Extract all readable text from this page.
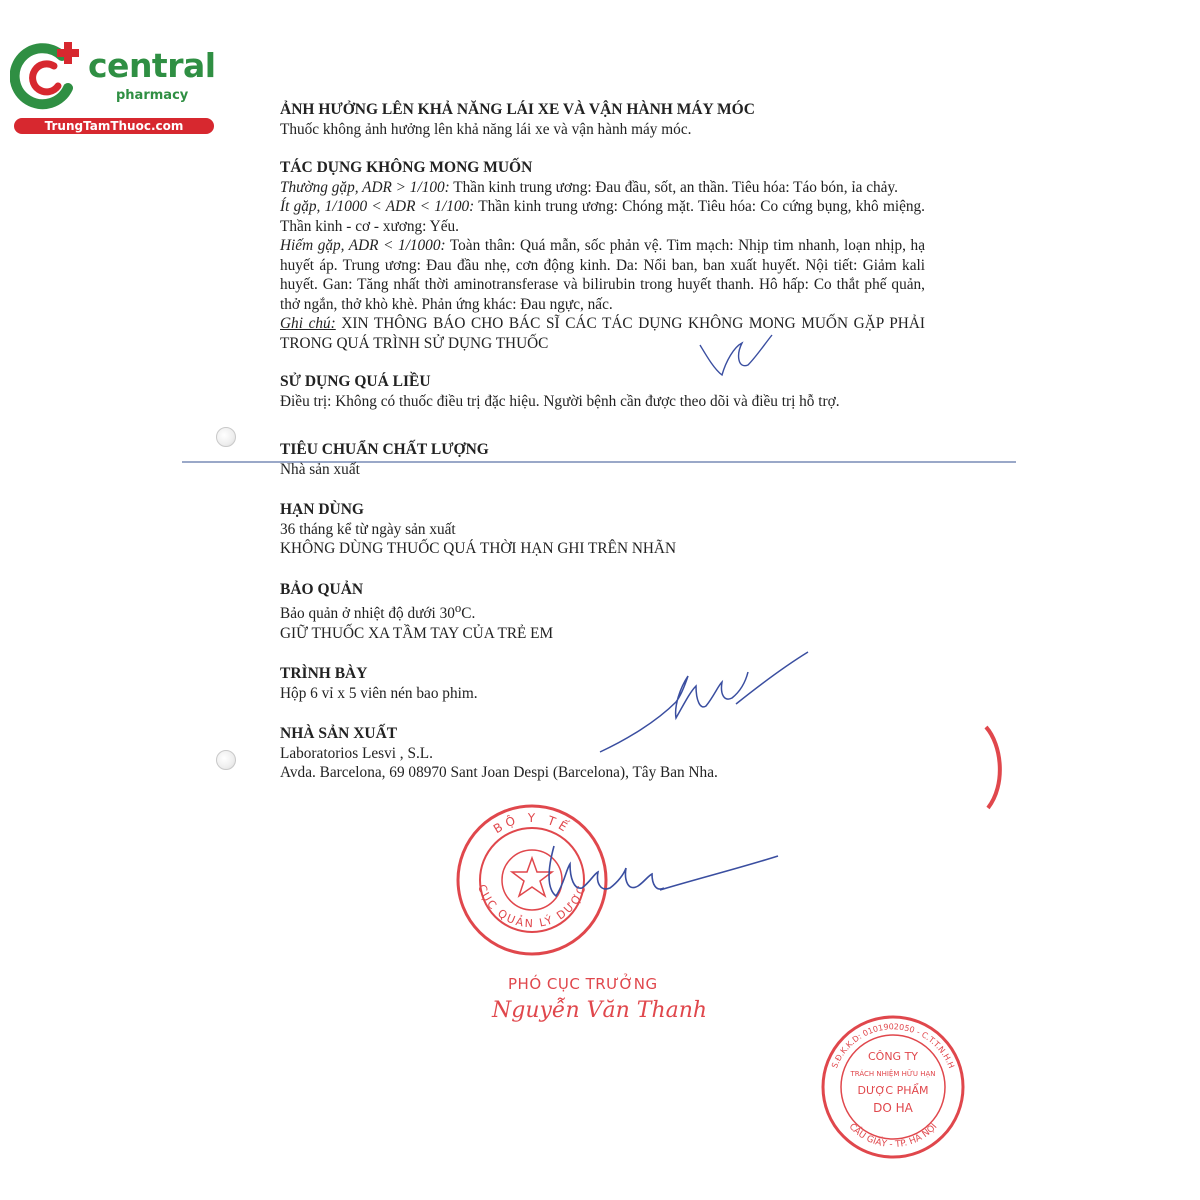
central
pharmacy
TrungTamThuoc.com

ẢNH HƯỞNG LÊN KHẢ NĂNG LÁI XE VÀ VẬN HÀNH MÁY MÓC

Thuốc không ảnh hưởng lên khả năng lái xe và vận hành máy móc.

TÁC DỤNG KHÔNG MONG MUỐN

Thường gặp, ADR > 1/100: Thần kinh trung ương: Đau đầu, sốt, an thần. Tiêu hóa: Táo bón, ỉa chảy.

Ít gặp, 1/1000 < ADR < 1/100: Thần kinh trung ương: Chóng mặt. Tiêu hóa: Co cứng bụng, khô miệng. Thần kinh - cơ - xương: Yếu.

Hiếm gặp, ADR < 1/1000: Toàn thân: Quá mẫn, sốc phản vệ. Tim mạch: Nhịp tim nhanh, loạn nhịp, hạ huyết áp. Trung ương: Đau đầu nhẹ, cơn động kinh. Da: Nổi ban, ban xuất huyết. Nội tiết: Giảm kali huyết. Gan: Tăng nhất thời aminotransferase và bilirubin trong huyết thanh. Hô hấp: Co thắt phế quản, thở ngắn, thở khò khè. Phản ứng khác: Đau ngực, nấc.

Ghi chú: XIN THÔNG BÁO CHO BÁC SĨ CÁC TÁC DỤNG KHÔNG MONG MUỐN GẶP PHẢI TRONG QUÁ TRÌNH SỬ DỤNG THUỐC

SỬ DỤNG QUÁ LIỀU

Điều trị: Không có thuốc điều trị đặc hiệu. Người bệnh cần được theo dõi và điều trị hỗ trợ.

TIÊU CHUẨN CHẤT LƯỢNG

Nhà sản xuất

HẠN DÙNG

36 tháng kể từ ngày sản xuất

KHÔNG DÙNG THUỐC QUÁ THỜI HẠN GHI TRÊN NHÃN

BẢO QUẢN

Bảo quản ở nhiệt độ dưới 30$^o$C.

GIỮ THUỐC XA TẦM TAY CỦA TRẺ EM

TRÌNH BÀY

Hộp 6 vỉ x 5 viên nén bao phim.

NHÀ SẢN XUẤT

Laboratorios Lesvi , S.L.

Avda. Barcelona, 69 08970 Sant Joan Despi (Barcelona), Tây Ban Nha.

BỘ Y TẾ
CỤC QUẢN LÝ DƯỢC
PHÓ CỤC TRƯỞNG
Nguyễn Văn Thanh
S.Đ.K.K.D: 0101902050 - C.T.T.N.H.H
CẦU GIẤY - TP. HÀ NỘI
CÔNG TY
TRÁCH NHIỆM HỮU HẠN
DƯỢC PHẨM
DO HA
